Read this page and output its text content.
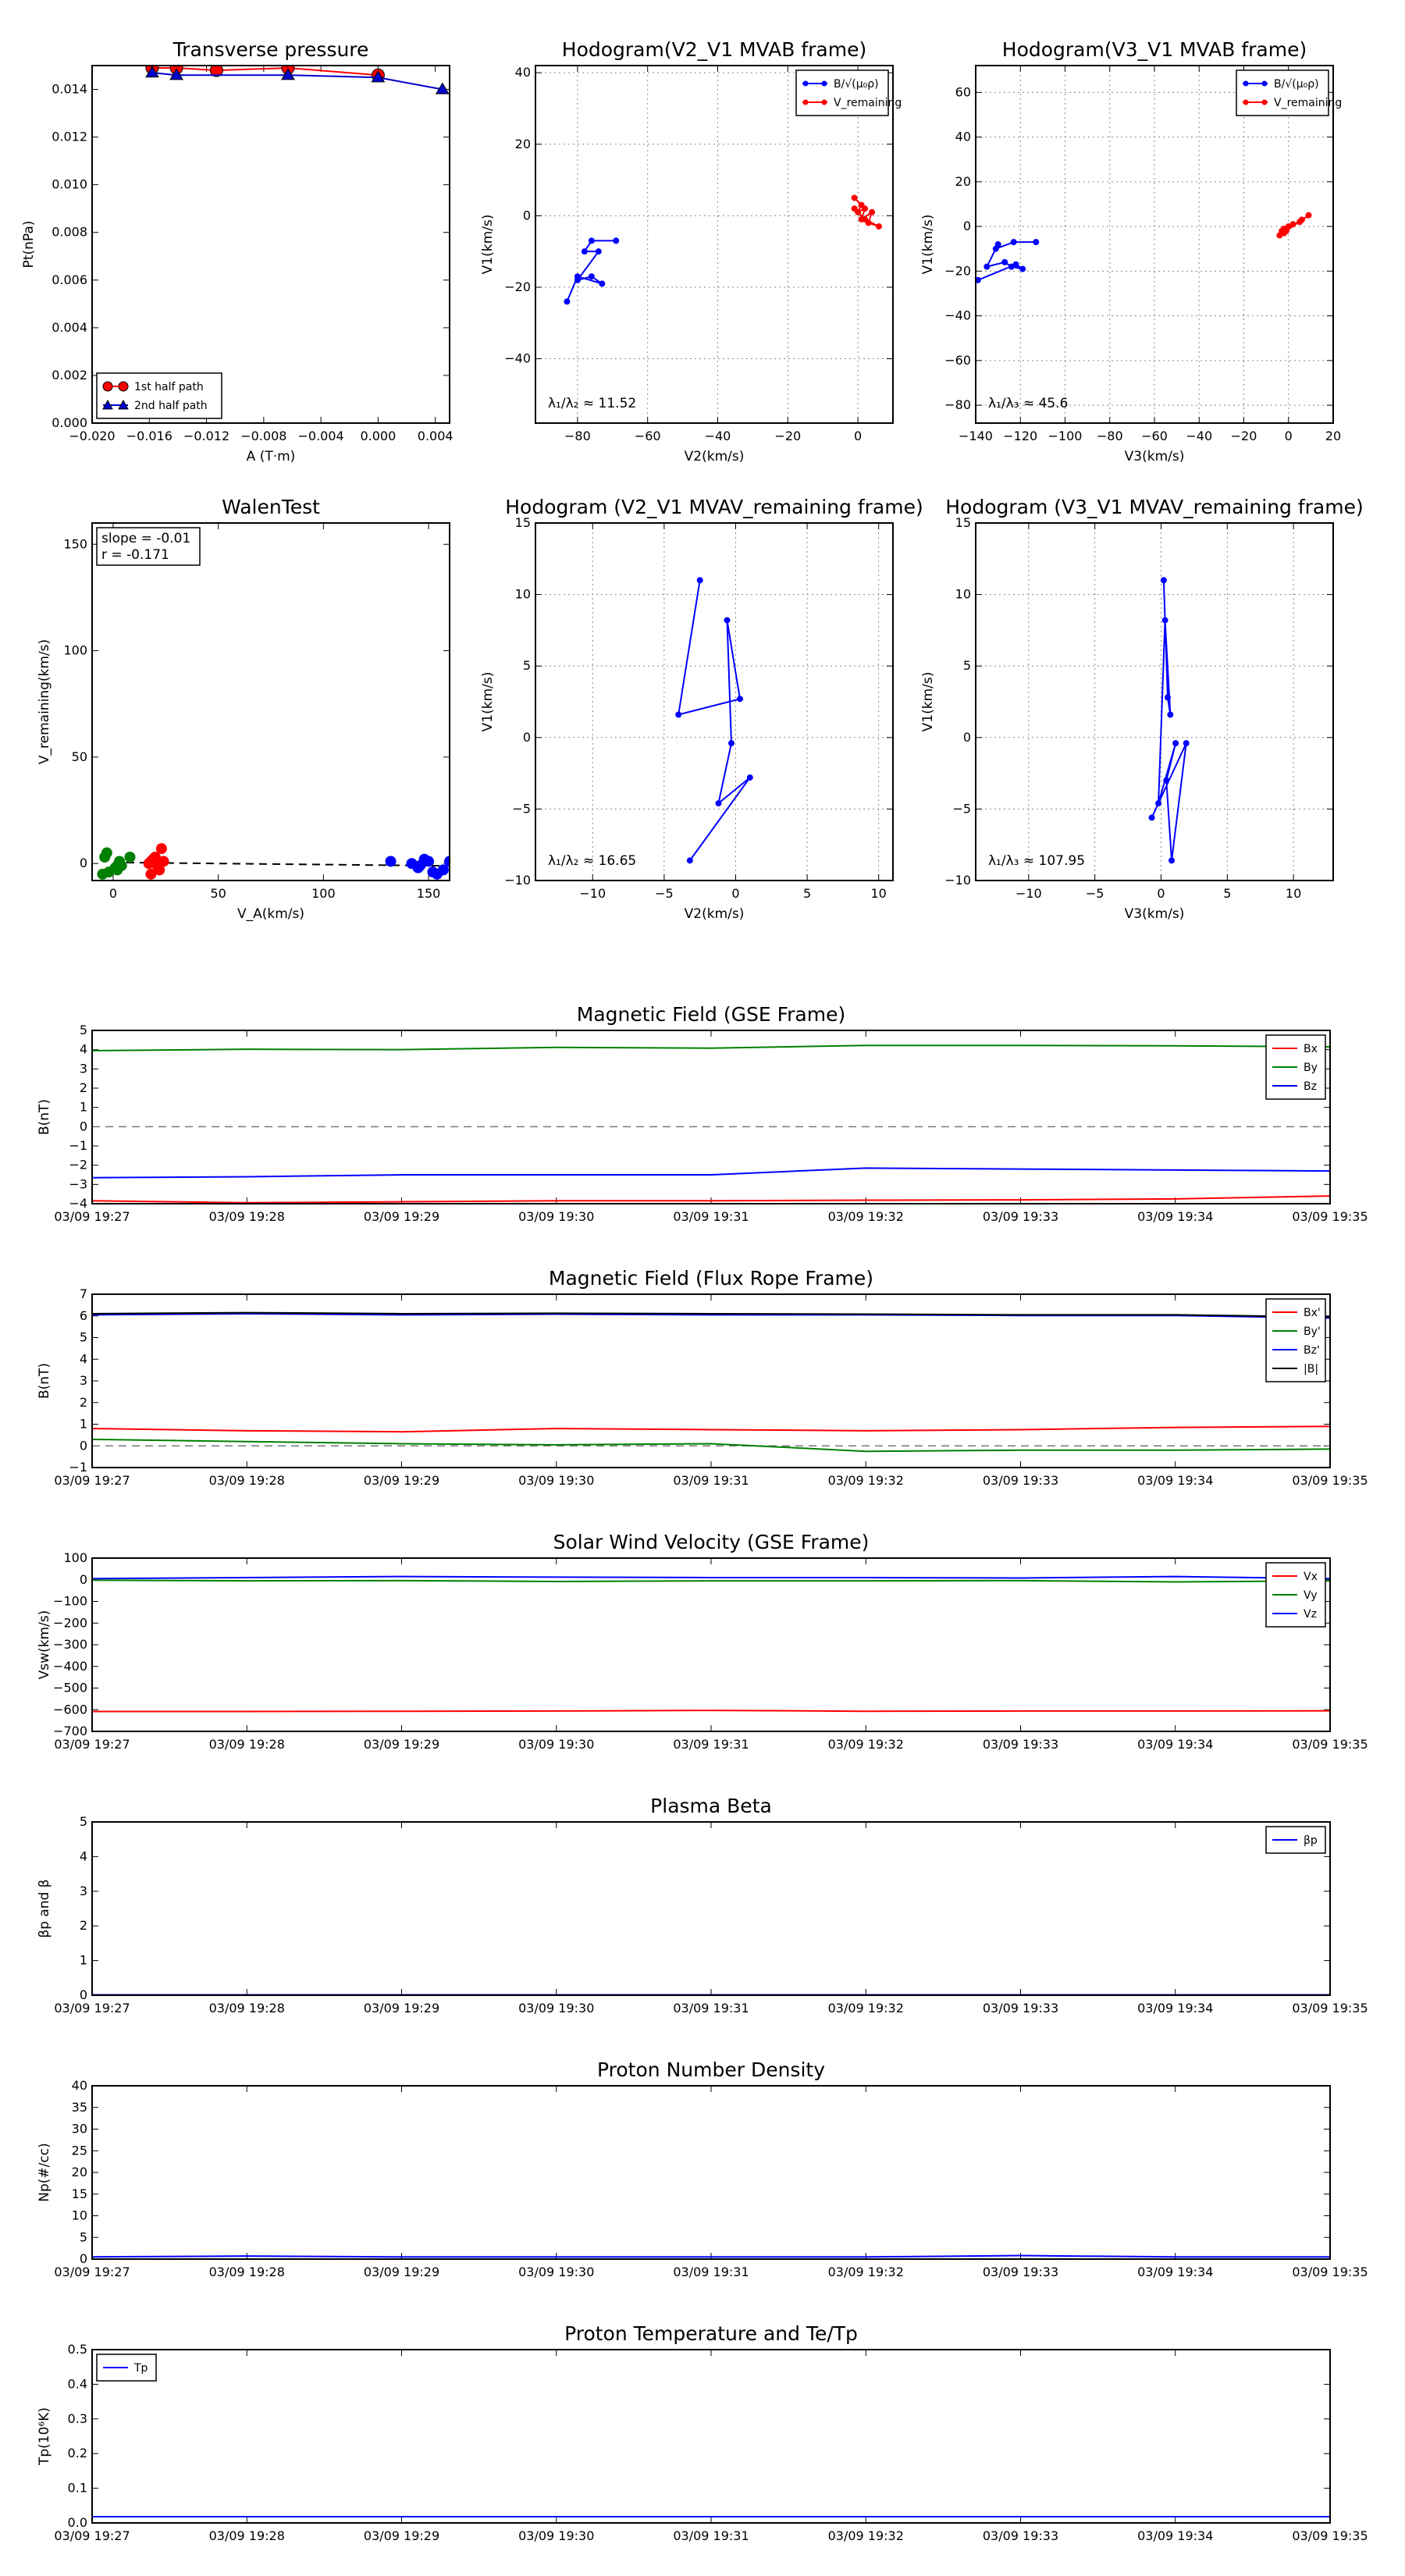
Transverse pressure
−0.020 −0.016 −0.012 −0.008 −0.004 0.000 0.004
0.000
0.002
0.004
0.006
0.008
0.010
0.012
0.014
A (T·m)
Pt(nPa)
1st half path
2nd half path
Hodogram(V2_V1 MVAB frame)
−80	−60	−40	−20	0
−40
−20
0
20
40
V2(km/s)
V1(km/s)
λ₁/λ₂ ≈ 11.52
B/√(μ₀ρ)
V_remaining
Hodogram(V3_V1 MVAB frame)
−140 −120 −100 −80 −60 −40 −20 0	20
−80
−60
−40
−20
0
20
40
60
V3(km/s)
V1(km/s)
λ₁/λ₃ ≈ 45.6
B/√(μ₀ρ)
V_remaining
WalenTest
0	50	100	150
0
50
100
150
V_A(km/s)
V_remaining(km/s)
slope = -0.01
r = -0.171
Hodogram (V2_V1 MVAV_remaining frame)
−10	−5	0	5	10
−10
−5
0
5
10
15
V2(km/s)
V1(km/s)
λ₁/λ₂ ≈ 16.65
Hodogram (V3_V1 MVAV_remaining frame)
−10	−5	0	5	10
−10
−5
0
5
10
15
V3(km/s)
V1(km/s)
λ₁/λ₃ ≈ 107.95
Magnetic Field (GSE Frame)
03/09 19:27	03/09 19:28	03/09 19:29	03/09 19:30	03/09 19:31	03/09 19:32	03/09 19:33	03/09 19:34	03/09 19:35
−4
−3
−2
−1
0
1
2
3
4
5
B(nT)
Bx
By
Bz
Magnetic Field (Flux Rope Frame)
03/09 19:27	03/09 19:28	03/09 19:29	03/09 19:30	03/09 19:31	03/09 19:32	03/09 19:33	03/09 19:34	03/09 19:35
−1
0
1
2
3
4
5
6
7
B(nT)
Bx'
By'
Bz'
|B|
Solar Wind Velocity (GSE Frame)
03/09 19:27	03/09 19:28	03/09 19:29	03/09 19:30	03/09 19:31	03/09 19:32	03/09 19:33	03/09 19:34	03/09 19:35
−700
−600
−500
−400
−300
−200
−100
0
100
Vsw(km/s)
Vx
Vy
Vz
Plasma Beta
03/09 19:27	03/09 19:28	03/09 19:29	03/09 19:30	03/09 19:31	03/09 19:32	03/09 19:33	03/09 19:34	03/09 19:35
0
1
2
3
4
5
βp and β
βp
Proton Number Density
03/09 19:27	03/09 19:28	03/09 19:29	03/09 19:30	03/09 19:31	03/09 19:32	03/09 19:33	03/09 19:34	03/09 19:35
0
5
10
15
20
25
30
35
40
Np(#/cc)
Proton Temperature and Te/Tp
03/09 19:27	03/09 19:28	03/09 19:29	03/09 19:30	03/09 19:31	03/09 19:32	03/09 19:33	03/09 19:34	03/09 19:35
0.0
0.1
0.2
0.3
0.4
0.5
Tp(10⁶K)
Tp
